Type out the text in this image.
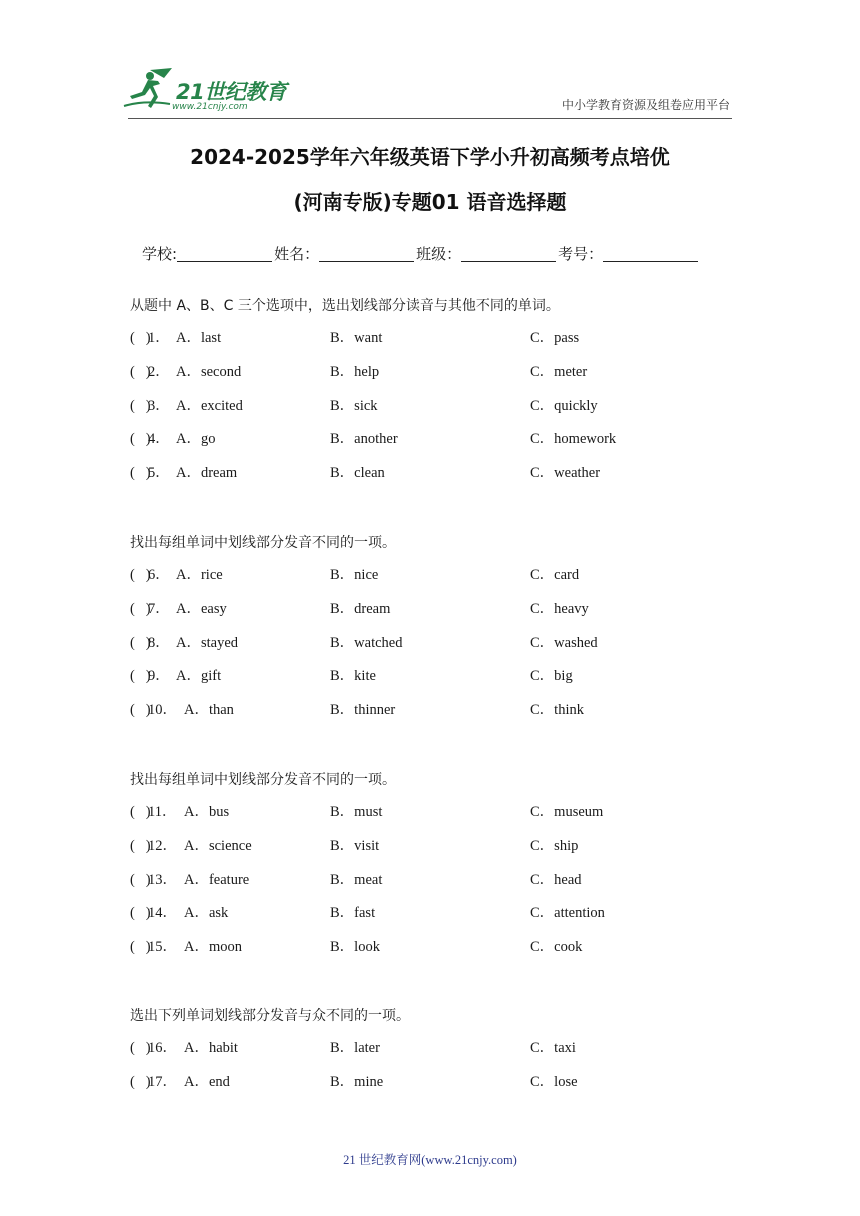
21世纪教育
www.21cnjy.com	中小学教育资源及组卷应用平台
2024-2025学年六年级英语下学小升初高频考点培优
(河南专版)专题01 语音选择题
学校:	姓名：	班级：	考号：
从题中 A、B、C 三个选项中，选出划线部分读音与其他不同的单词。
(   )
1． A．last	B．want	C．pass
(   )
2． A．second	B．help	C．meter
(   )
3． A．excited	B．sick	C．quickly
(   )
4． A．go	B．another	C．homework
(   )
5． A．dream	B．clean	C．weather
找出每组单词中划线部分发音不同的一项。
(   )
6． A．rice	B．nice	C．card
(   )
7． A．easy	B．dream	C．heavy
(   )
8． A．stayed	B．watched	C．washed
(   )
9． A．gift	B．kite	C．big
(   )
10． A．than	B．thinner	C．think
找出每组单词中划线部分发音不同的一项。
(   )
11． A．bus	B．must	C．museum
(   )
12． A．science	B．visit	C．ship
(   )
13． A．feature	B．meat	C．head
(   )
14． A．ask	B．fast	C．attention
(   )
15． A．moon	B．look	C．cook
选出下列单词划线部分发音与众不同的一项。
(   )
16． A．habit	B．later	C．taxi
(   )
17． A．end	B．mine	C．lose
21 世纪教育网(www.21cnjy.com)
